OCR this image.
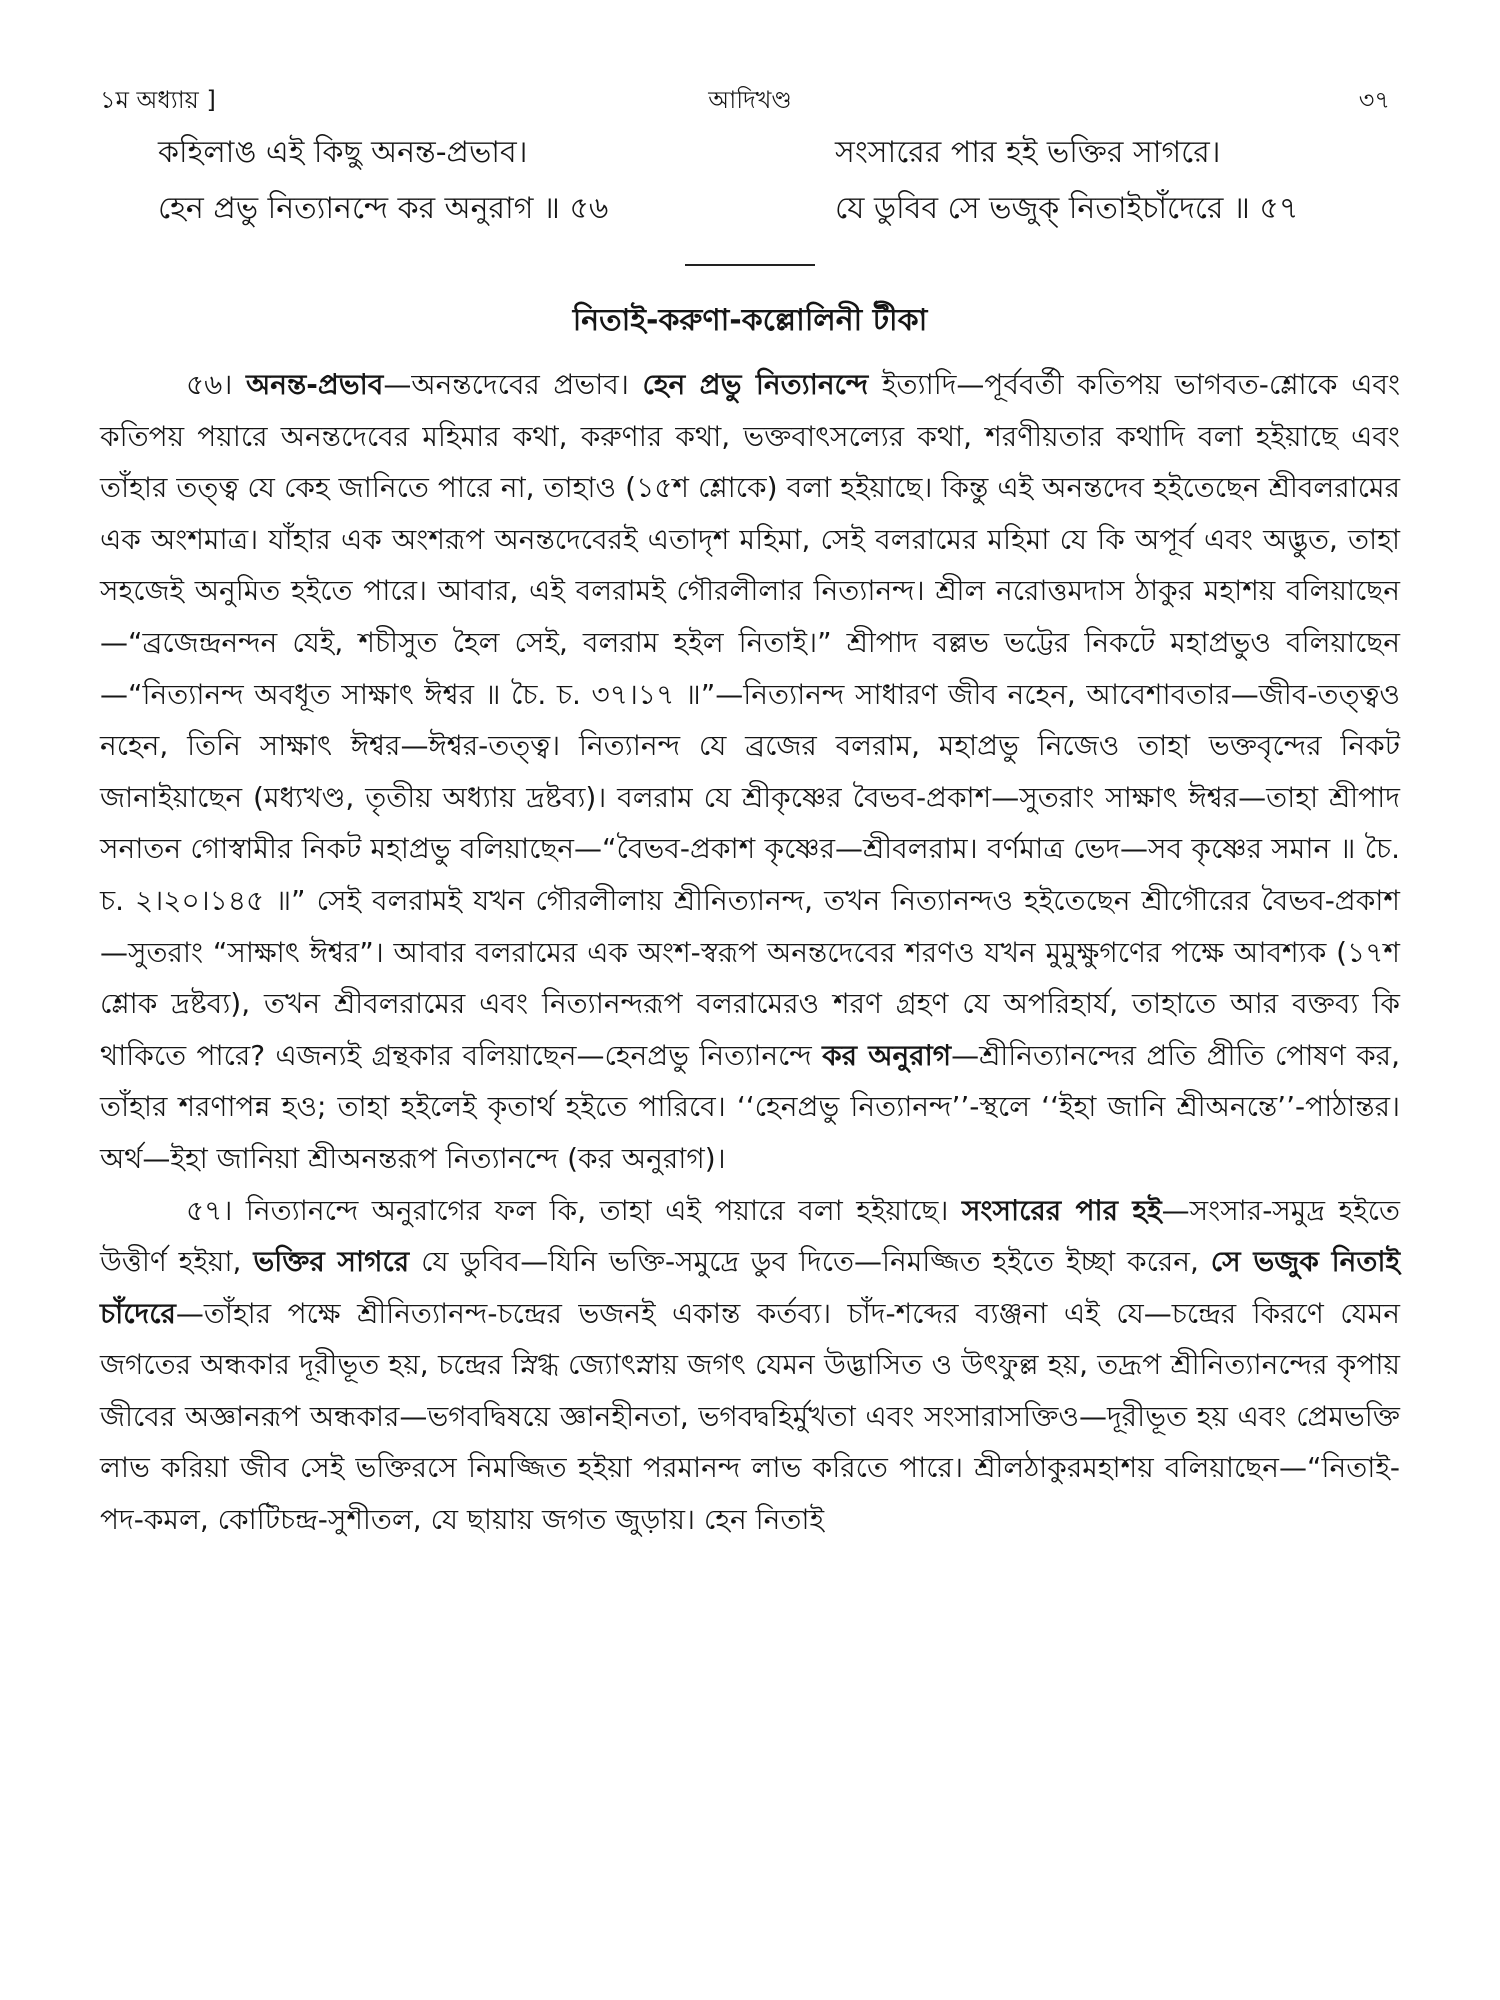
১ম অধ্যায় ]	আদিখণ্ড	৩৭
কহিলাঙ এই কিছু অনন্ত-প্রভাব।
হেন প্রভু নিত্যানন্দে কর অনুরাগ ॥ ৫৬
সংসারের পার হই ভক্তির সাগরে।
যে ডুবিব সে ভজুক্ নিতাইচাঁদেরে ॥ ৫৭
নিতাই-করুণা-কল্লোলিনী টীকা

৫৬। অনন্ত-প্রভাব—অনন্তদেবের প্রভাব। হেন প্রভু নিত্যানন্দে ইত্যাদি—পূর্ববর্তী কতিপয় ভাগবত-শ্লোকে এবং কতিপয় পয়ারে অনন্তদেবের মহিমার কথা, করুণার কথা, ভক্তবাৎসল্যের কথা, শরণীয়তার কথাদি বলা হইয়াছে এবং তাঁহার তত্ত্ব যে কেহ জানিতে পারে না, তাহাও (১৫শ শ্লোকে) বলা হইয়াছে। কিন্তু এই অনন্তদেব হইতেছেন শ্রীবলরামের এক অংশমাত্র। যাঁহার এক অংশরূপ অনন্তদেবেরই এতাদৃশ মহিমা, সেই বলরামের মহিমা যে কি অপূর্ব এবং অদ্ভুত, তাহা সহজেই অনুমিত হইতে পারে। আবার, এই বলরামই গৌরলীলার নিত্যানন্দ। শ্রীল নরোত্তমদাস ঠাকুর মহাশয় বলিয়াছেন—“ব্রজেন্দ্রনন্দন যেই, শচীসুত হৈল সেই, বলরাম হইল নিতাই।” শ্রীপাদ বল্লভ ভট্টের নিকটে মহাপ্রভুও বলিয়াছেন—“নিত্যানন্দ অবধূত সাক্ষাৎ ঈশ্বর ॥ চৈ. চ. ৩৭।১৭ ॥”—নিত্যানন্দ সাধারণ জীব নহেন, আবেশাবতার—জীব-তত্ত্বও নহেন, তিনি সাক্ষাৎ ঈশ্বর—ঈশ্বর-তত্ত্ব। নিত্যানন্দ যে ব্রজের বলরাম, মহাপ্রভু নিজেও তাহা ভক্তবৃন্দের নিকট জানাইয়াছেন (মধ্যখণ্ড, তৃতীয় অধ্যায় দ্রষ্টব্য)। বলরাম যে শ্রীকৃষ্ণের বৈভব-প্রকাশ—সুতরাং সাক্ষাৎ ঈশ্বর—তাহা শ্রীপাদ সনাতন গোস্বামীর নিকট মহাপ্রভু বলিয়াছেন—“বৈভব-প্রকাশ কৃষ্ণের—শ্রীবলরাম। বর্ণমাত্র ভেদ—সব কৃষ্ণের সমান ॥ চৈ. চ. ২।২০।১৪৫ ॥” সেই বলরামই যখন গৌরলীলায় শ্রীনিত্যানন্দ, তখন নিত্যানন্দও হইতেছেন শ্রীগৌরের বৈভব-প্রকাশ—সুতরাং “সাক্ষাৎ ঈশ্বর”। আবার বলরামের এক অংশ-স্বরূপ অনন্তদেবের শরণও যখন মুমুক্ষুগণের পক্ষে আবশ্যক (১৭শ শ্লোক দ্রষ্টব্য), তখন শ্রীবলরামের এবং নিত্যানন্দরূপ বলরামেরও শরণ গ্রহণ যে অপরিহার্য, তাহাতে আর বক্তব্য কি থাকিতে পারে? এজন্যই গ্রন্থকার বলিয়াছেন—হেনপ্রভু নিত্যানন্দে কর অনুরাগ—শ্রীনিত্যানন্দের প্রতি প্রীতি পোষণ কর, তাঁহার শরণাপন্ন হও; তাহা হইলেই কৃতার্থ হইতে পারিবে। ‘‘হেনপ্রভু নিত্যানন্দ’’-স্থলে ‘‘ইহা জানি শ্রীঅনন্তে’’-পাঠান্তর। অর্থ—ইহা জানিয়া শ্রীঅনন্তরূপ নিত্যানন্দে (কর অনুরাগ)।

৫৭। নিত্যানন্দে অনুরাগের ফল কি, তাহা এই পয়ারে বলা হইয়াছে। সংসারের পার হই—সংসার-সমুদ্র হইতে উত্তীর্ণ হইয়া, ভক্তির সাগরে যে ডুবিব—যিনি ভক্তি-সমুদ্রে ডুব দিতে—নিমজ্জিত হইতে ইচ্ছা করেন, সে ভজুক নিতাই চাঁদেরে—তাঁহার পক্ষে শ্রীনিত্যানন্দ-চন্দ্রের ভজনই একান্ত কর্তব্য। চাঁদ-শব্দের ব্যঞ্জনা এই যে—চন্দ্রের কিরণে যেমন জগতের অন্ধকার দূরীভূত হয়, চন্দ্রের স্নিগ্ধ জ্যোৎস্নায় জগৎ যেমন উদ্ভাসিত ও উৎফুল্ল হয়, তদ্রূপ শ্রীনিত্যানন্দের কৃপায় জীবের অজ্ঞানরূপ অন্ধকার—ভগবদ্বিষয়ে জ্ঞানহীনতা, ভগবদ্বহির্মুখতা এবং সংসারাসক্তিও—দূরীভূত হয় এবং প্রেমভক্তি লাভ করিয়া জীব সেই ভক্তিরসে নিমজ্জিত হইয়া পরমানন্দ লাভ করিতে পারে। শ্রীলঠাকুরমহাশয় বলিয়াছেন—“নিতাই-পদ-কমল, কোটিচন্দ্র-সুশীতল, যে ছায়ায় জগত জুড়ায়। হেন নিতাই
